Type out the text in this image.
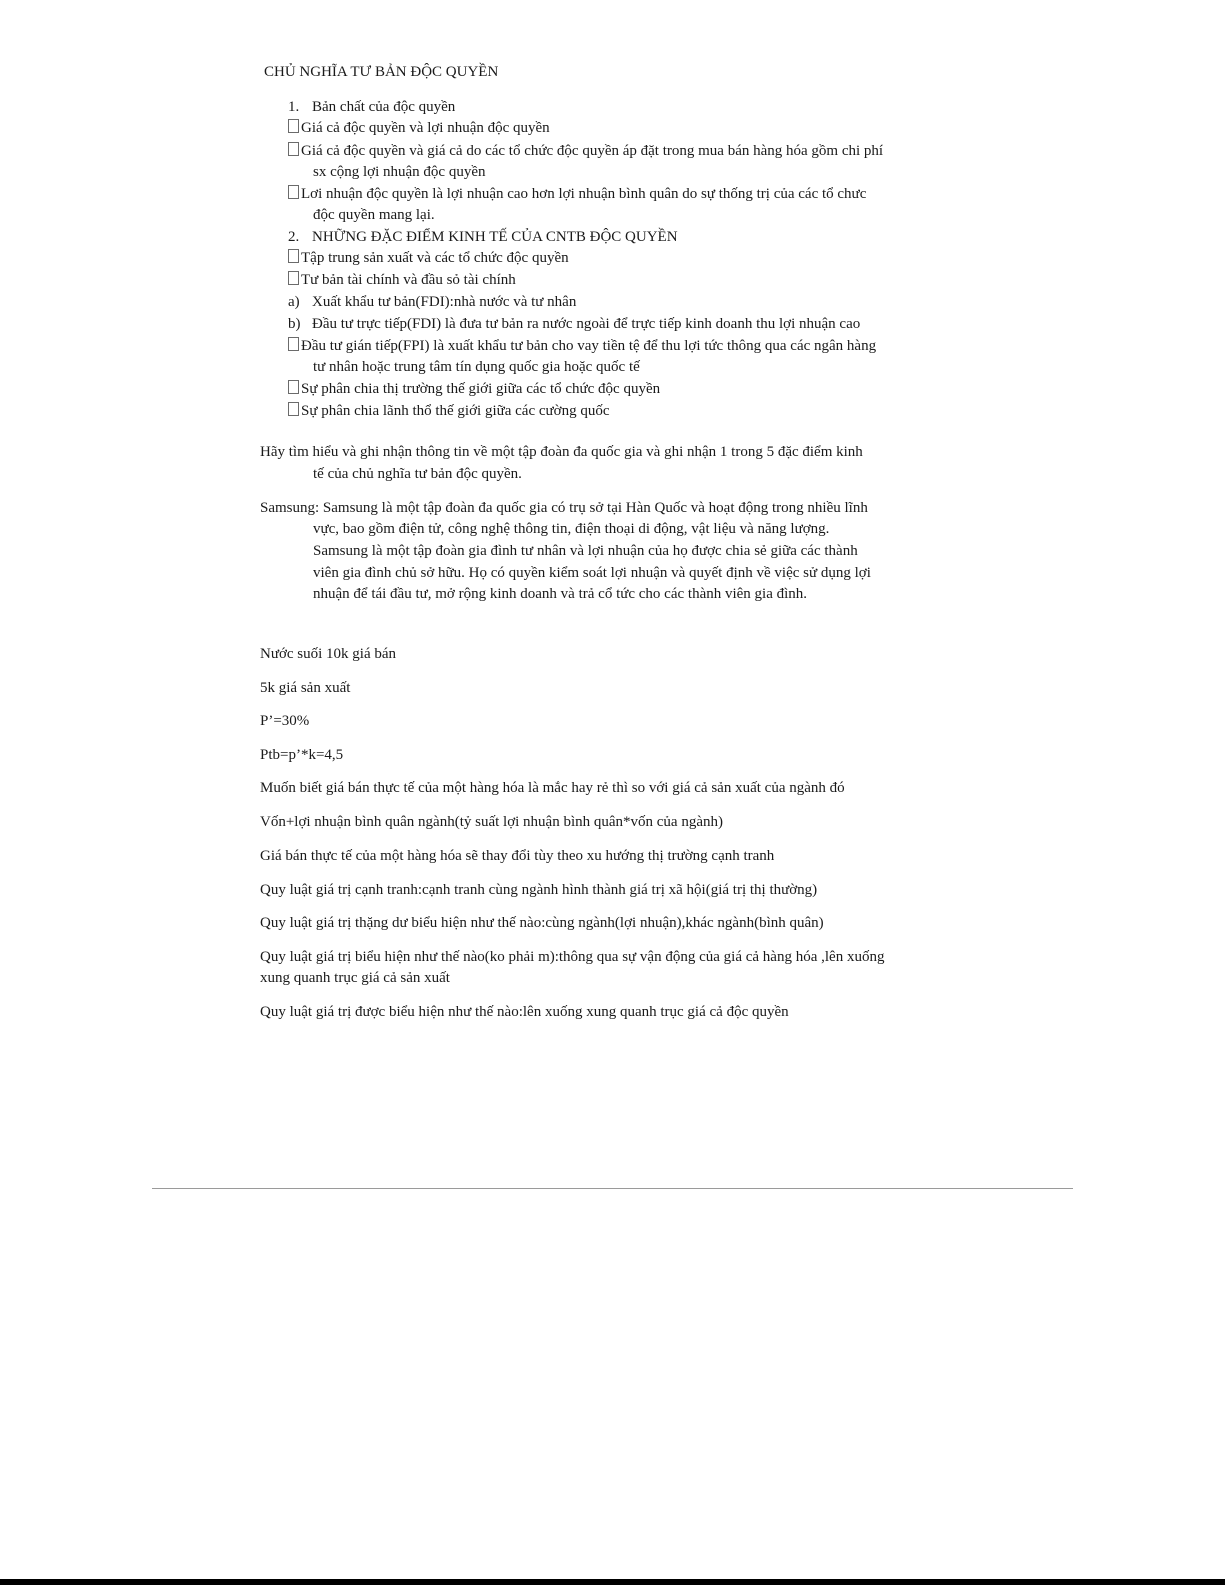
CHỦ NGHĨA TƯ BẢN ĐỘC QUYỀN
1. Bản chất của độc quyền
Giá cả độc quyền và lợi nhuận độc quyền
Giá cả độc quyền và giá cả do các tổ chức độc quyền áp đặt trong mua bán hàng hóa gồm chi phí
sx cộng lợi nhuận độc quyền
Lơi nhuận độc quyền là lợi nhuận cao hơn lợi nhuận bình quân do sự thống trị của các tổ chưc
độc quyền mang lại.
2. NHỮNG ĐẶC ĐIỂM KINH TẾ CỦA CNTB ĐỘC QUYỀN
Tập trung sản xuất và các tổ chức độc quyền
Tư bản tài chính và đầu sỏ tài chính
a) Xuất khẩu tư bản(FDI):nhà nước và tư nhân
b) Đầu tư trực tiếp(FDI) là đưa tư bản ra nước ngoài để trực tiếp kinh doanh thu lợi nhuận cao
Đầu tư gián tiếp(FPI) là xuất khẩu tư bản cho vay tiền tệ để thu lợi tức thông qua các ngân hàng
tư nhân hoặc trung tâm tín dụng quốc gia hoặc quốc tế
Sự phân chia thị trường thế giới giữa các tổ chức độc quyền
Sự phân chia lãnh thổ thế giới giữa các cường quốc
Hãy tìm hiểu và ghi nhận thông tin về một tập đoàn đa quốc gia và ghi nhận 1 trong 5 đặc điểm kinh
tế của chủ nghĩa tư bản độc quyền.
Samsung: Samsung là một tập đoàn đa quốc gia có trụ sở tại Hàn Quốc và hoạt động trong nhiều lĩnh
vực, bao gồm điện tử, công nghệ thông tin, điện thoại di động, vật liệu và năng lượng.
Samsung là một tập đoàn gia đình tư nhân và lợi nhuận của họ được chia sẻ giữa các thành
viên gia đình chủ sở hữu. Họ có quyền kiểm soát lợi nhuận và quyết định về việc sử dụng lợi
nhuận để tái đầu tư, mở rộng kinh doanh và trả cổ tức cho các thành viên gia đình.
Nước suối 10k giá bán
5k giá sản xuất
P’=30%
Ptb=p’*k=4,5
Muốn biết giá bán thực tế của một hàng hóa là mắc hay rẻ thì so với giá cả sản xuất của ngành đó
Vốn+lợi nhuận bình quân ngành(tỷ suất lợi nhuận bình quân*vốn của ngành)
Giá bán thực tế của một hàng hóa sẽ thay đổi tùy theo xu hướng thị trường cạnh tranh
Quy luật giá trị cạnh tranh:cạnh tranh cùng ngành hình thành giá trị xã hội(giá trị thị thường)
Quy luật giá trị thặng dư biểu hiện như thế nào:cùng ngành(lợi nhuận),khác ngành(bình quân)
Quy luật giá trị biểu hiện như thế nào(ko phải m):thông qua sự vận động của giá cả hàng hóa ,lên xuống
xung quanh trục giá cả sản xuất
Quy luật giá trị được biểu hiện như thế nào:lên xuống xung quanh trục giá cả độc quyền
